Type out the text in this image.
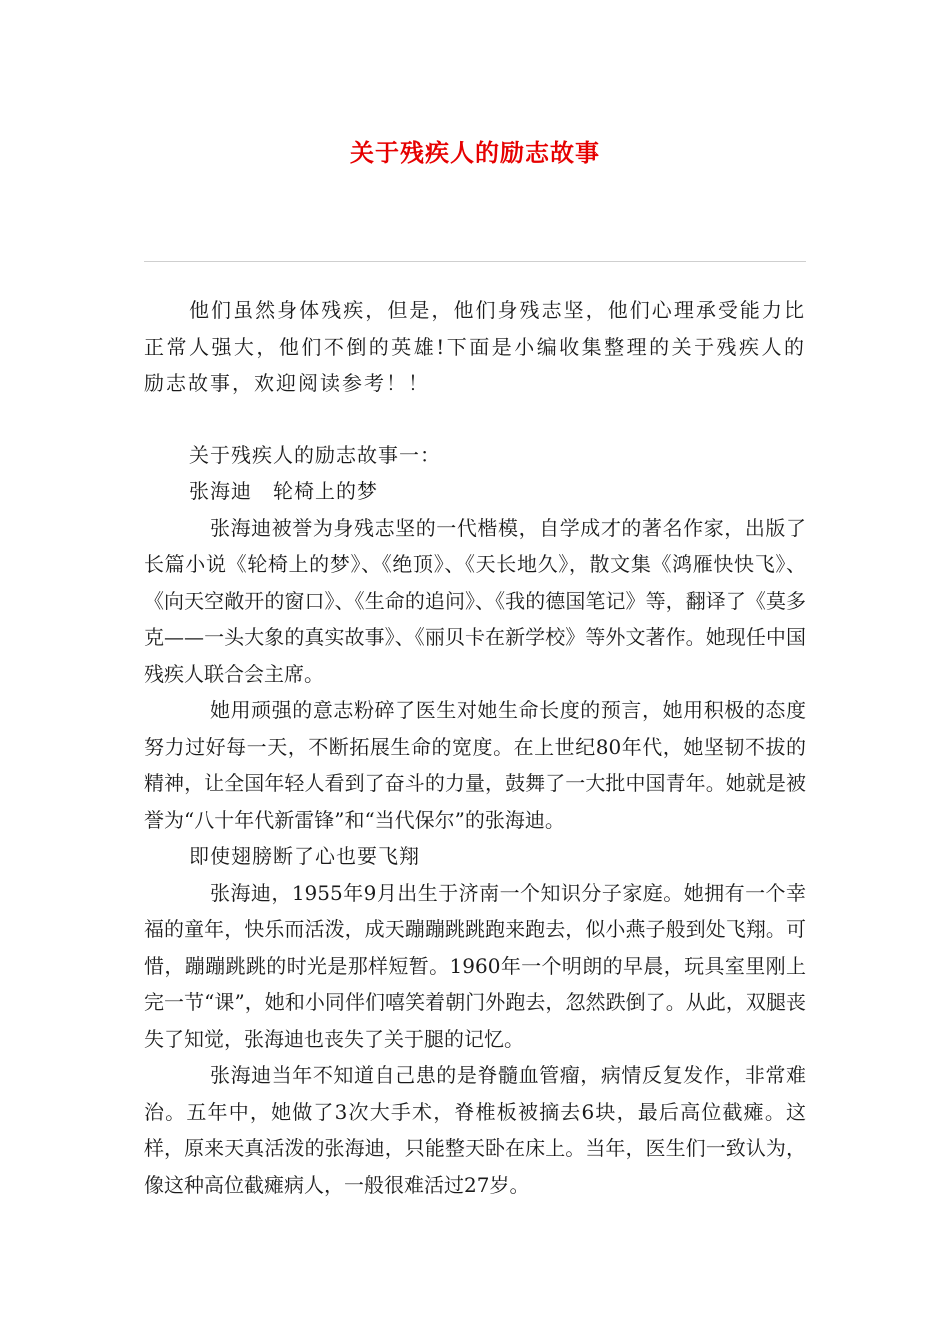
关于残疾人的励志故事

他们虽然身体残疾，但是，他们身残志坚，他们心理承受能力比正常人强大，他们不倒的英雄!下面是小编收集整理的关于残疾人的励志故事，欢迎阅读参考！！

关于残疾人的励志故事一：

张海迪　轮椅上的梦

张海迪被誉为身残志坚的一代楷模，自学成才的著名作家，出版了长篇小说《轮椅上的梦》、《绝顶》、《天长地久》，散文集《鸿雁快快飞》、《向天空敞开的窗口》、《生命的追问》、《我的德国笔记》等，翻译了《莫多克——一头大象的真实故事》、《丽贝卡在新学校》等外文著作。她现任中国残疾人联合会主席。

她用顽强的意志粉碎了医生对她生命长度的预言，她用积极的态度努力过好每一天，不断拓展生命的宽度。在上世纪80年代，她坚韧不拔的精神，让全国年轻人看到了奋斗的力量，鼓舞了一大批中国青年。她就是被誉为“八十年代新雷锋”和“当代保尔”的张海迪。

即使翅膀断了心也要飞翔

张海迪，1955年9月出生于济南一个知识分子家庭。她拥有一个幸福的童年，快乐而活泼，成天蹦蹦跳跳跑来跑去，似小燕子般到处飞翔。可惜，蹦蹦跳跳的时光是那样短暂。1960年一个明朗的早晨，玩具室里刚上完一节“课”，她和小同伴们嘻笑着朝门外跑去，忽然跌倒了。从此，双腿丧失了知觉，张海迪也丧失了关于腿的记忆。

张海迪当年不知道自己患的是脊髓血管瘤，病情反复发作，非常难治。五年中，她做了3次大手术，脊椎板被摘去6块，最后高位截瘫。这样，原来天真活泼的张海迪，只能整天卧在床上。当年，医生们一致认为，像这种高位截瘫病人，一般很难活过27岁。
